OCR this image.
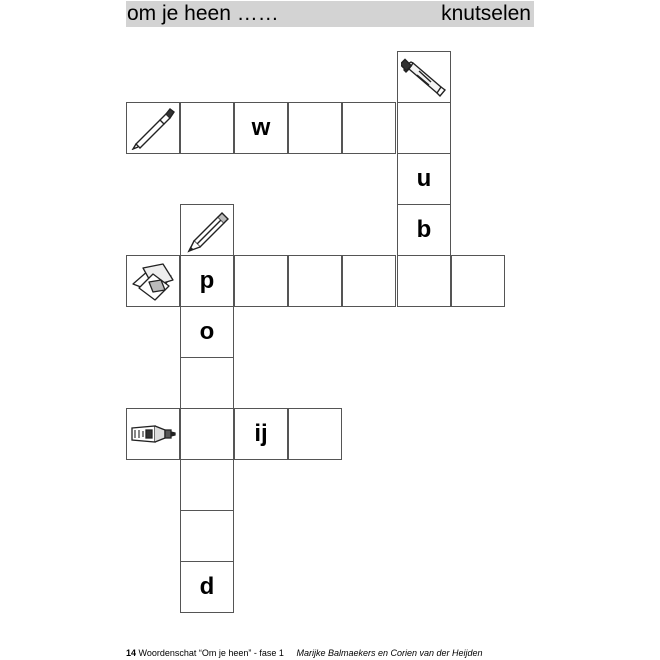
om je heen ……	knutselen
u
b
w
p
o
d
ij
14 Woordenschat “Om je heen” - fase 1 Marijke Balmaekers en Corien van der Heijden
